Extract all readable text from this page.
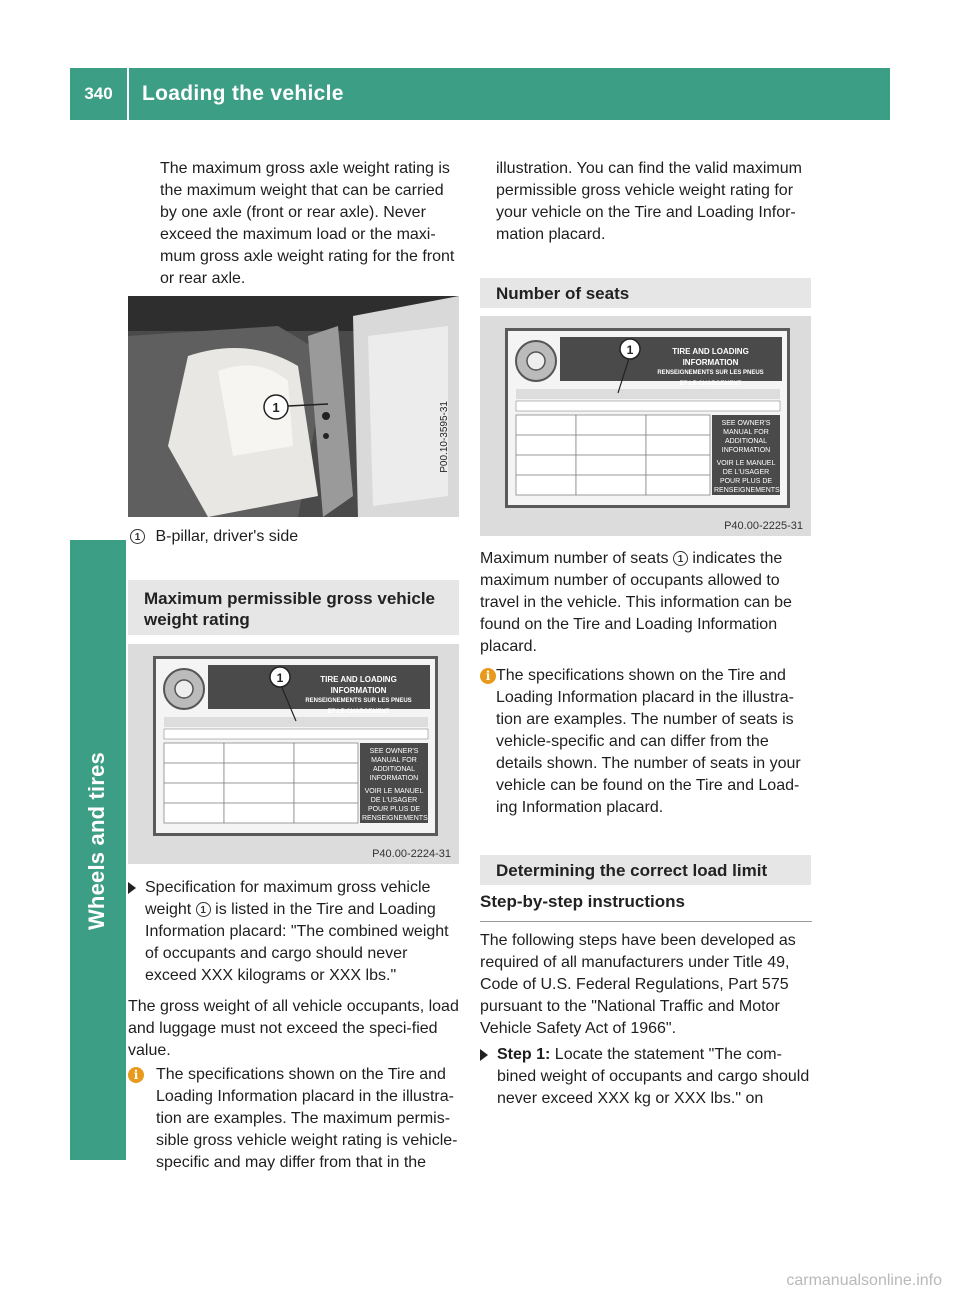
340	Loading the vehicle
Wheels and tires

The maximum gross axle weight rating is the maximum weight that can be carried by one axle (front or rear axle). Never exceed the maximum load or the maxi-mum gross axle weight rating for the front or rear axle.

1	P00.10-3595-31
1 B-pillar, driver's side
Maximum permissible gross vehicle weight rating
1	TIRE AND LOADING INFORMATION
RENSEIGNEMENTS SUR LES PNEUS ET LE CHARGEMENT
SEE OWNER'S MANUAL FOR ADDITIONAL INFORMATION
VOIR LE MANUEL DE L'USAGER POUR PLUS DE RENSEIGNEMENTS
P40.00-2224-31
Specification for maximum gross vehicle weight 1 is listed in the Tire and Loading Information placard: "The combined weight of occupants and cargo should never exceed XXX kilograms or XXX lbs."

The gross weight of all vehicle occupants, load and luggage must not exceed the speci-fied value.

i	The specifications shown on the Tire and Loading Information placard in the illustra-tion are examples. The maximum permis-sible gross vehicle weight rating is vehicle-specific and may differ from that in the

illustration. You can find the valid maximum permissible gross vehicle weight rating for your vehicle on the Tire and Loading Infor-mation placard.

Number of seats
1	TIRE AND LOADING INFORMATION
RENSEIGNEMENTS SUR LES PNEUS ET LE CHARGEMENT
SEE OWNER'S MANUAL FOR ADDITIONAL INFORMATION
VOIR LE MANUEL DE L'USAGER POUR PLUS DE RENSEIGNEMENTS
P40.00-2225-31
Maximum number of seats 1 indicates the maximum number of occupants allowed to travel in the vehicle. This information can be found on the Tire and Loading Information placard.
i The specifications shown on the Tire and Loading Information placard in the illustra-tion are examples. The number of seats is vehicle-specific and can differ from the details shown. The number of seats in your vehicle can be found on the Tire and Load-ing Information placard.
Determining the correct load limit
Step-by-step instructions

The following steps have been developed as required of all manufacturers under Title 49, Code of U.S. Federal Regulations, Part 575 pursuant to the "National Traffic and Motor Vehicle Safety Act of 1966".

Step 1: Locate the statement "The com-bined weight of occupants and cargo should never exceed XXX kg or XXX lbs." on
carmanualsonline.info
